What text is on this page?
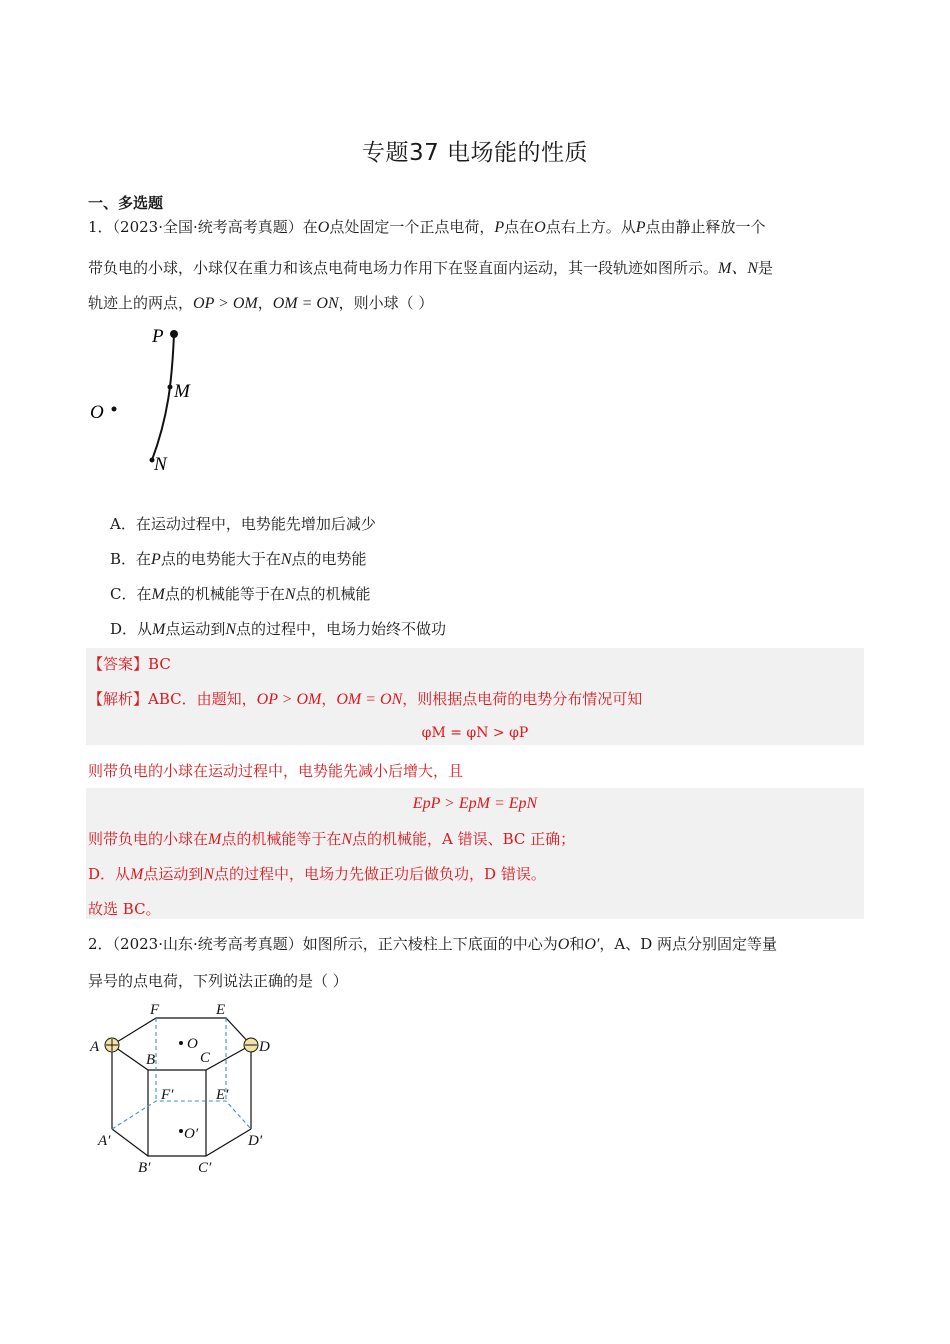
专题37 电场能的性质
一、多选题
1．（2023·全国·统考高考真题）在O点处固定一个正点电荷，P点在O点右上方。从P点由静止释放一个
带负电的小球，小球仅在重力和该点电荷电场力作用下在竖直面内运动，其一段轨迹如图所示。M、N是
轨迹上的两点，OP > OM，OM = ON，则小球（ ）
P
M
O
N
A．在运动过程中，电势能先增加后减少
B．在P点的电势能大于在N点的电势能
C．在M点的机械能等于在N点的机械能
D．从M点运动到N点的过程中，电场力始终不做功
【答案】BC
【解析】ABC．由题知，OP > OM，OM = ON，则根据点电荷的电势分布情况可知
φM = φN > φP
则带负电的小球在运动过程中，电势能先减小后增大，且
EpP > EpM = EpN
则带负电的小球在M点的机械能等于在N点的机械能，A 错误、BC 正确；
D．从M点运动到N点的过程中，电场力先做正功后做负功，D 错误。
故选 BC。
2．（2023·山东·统考高考真题）如图所示，正六棱柱上下底面的中心为O和O′，A、D 两点分别固定等量
异号的点电荷，下列说法正确的是（ ）
F	E
A	D
B	C
O
F′	E′
A′	D′
B′	C′
O′
